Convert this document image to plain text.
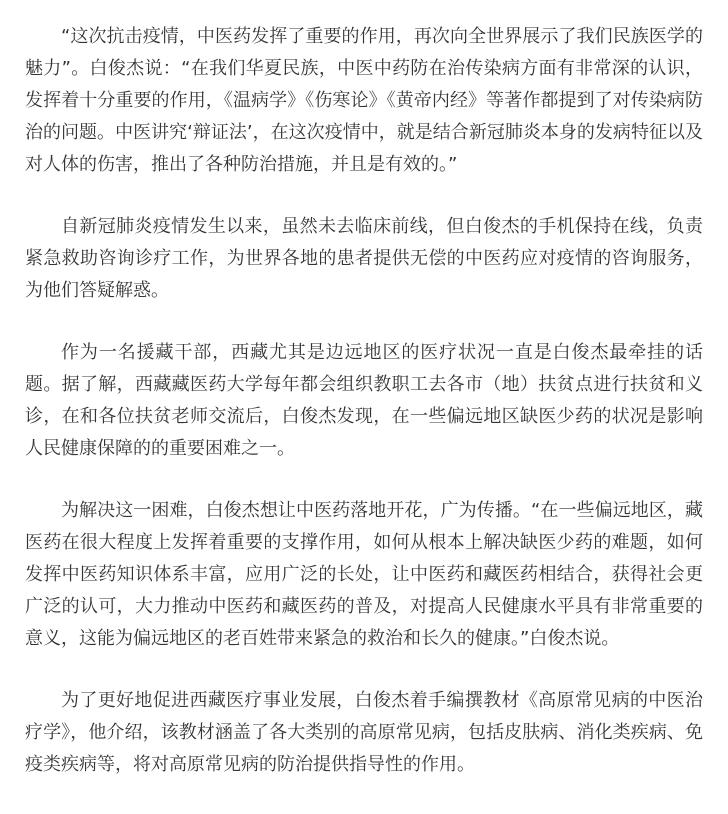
“这次抗击疫情，中医药发挥了重要的作用，再次向全世界展示了我们民族医学的魅力”。白俊杰说：“在我们华夏民族，中医中药防在治传染病方面有非常深的认识，发挥着十分重要的作用，《温病学》《伤寒论》《黄帝内经》等著作都提到了对传染病防治的问题。中医讲究‘辩证法’，在这次疫情中，就是结合新冠肺炎本身的发病特征以及对人体的伤害，推出了各种防治措施，并且是有效的。”

自新冠肺炎疫情发生以来，虽然未去临床前线，但白俊杰的手机保持在线，负责紧急救助咨询诊疗工作，为世界各地的患者提供无偿的中医药应对疫情的咨询服务，为他们答疑解惑。

作为一名援藏干部，西藏尤其是边远地区的医疗状况一直是白俊杰最牵挂的话题。据了解，西藏藏医药大学每年都会组织教职工去各市（地）扶贫点进行扶贫和义诊，在和各位扶贫老师交流后，白俊杰发现，在一些偏远地区缺医少药的状况是影响人民健康保障的的重要困难之一。

为解决这一困难，白俊杰想让中医药落地开花，广为传播。“在一些偏远地区，藏医药在很大程度上发挥着重要的支撑作用，如何从根本上解决缺医少药的难题，如何发挥中医药知识体系丰富，应用广泛的长处，让中医药和藏医药相结合，获得社会更广泛的认可，大力推动中医药和藏医药的普及，对提高人民健康水平具有非常重要的意义，这能为偏远地区的老百姓带来紧急的救治和长久的健康。”白俊杰说。

为了更好地促进西藏医疗事业发展，白俊杰着手编撰教材《高原常见病的中医治疗学》，他介绍，该教材涵盖了各大类别的高原常见病，包括皮肤病、消化类疾病、免疫类疾病等，将对高原常见病的防治提供指导性的作用。
